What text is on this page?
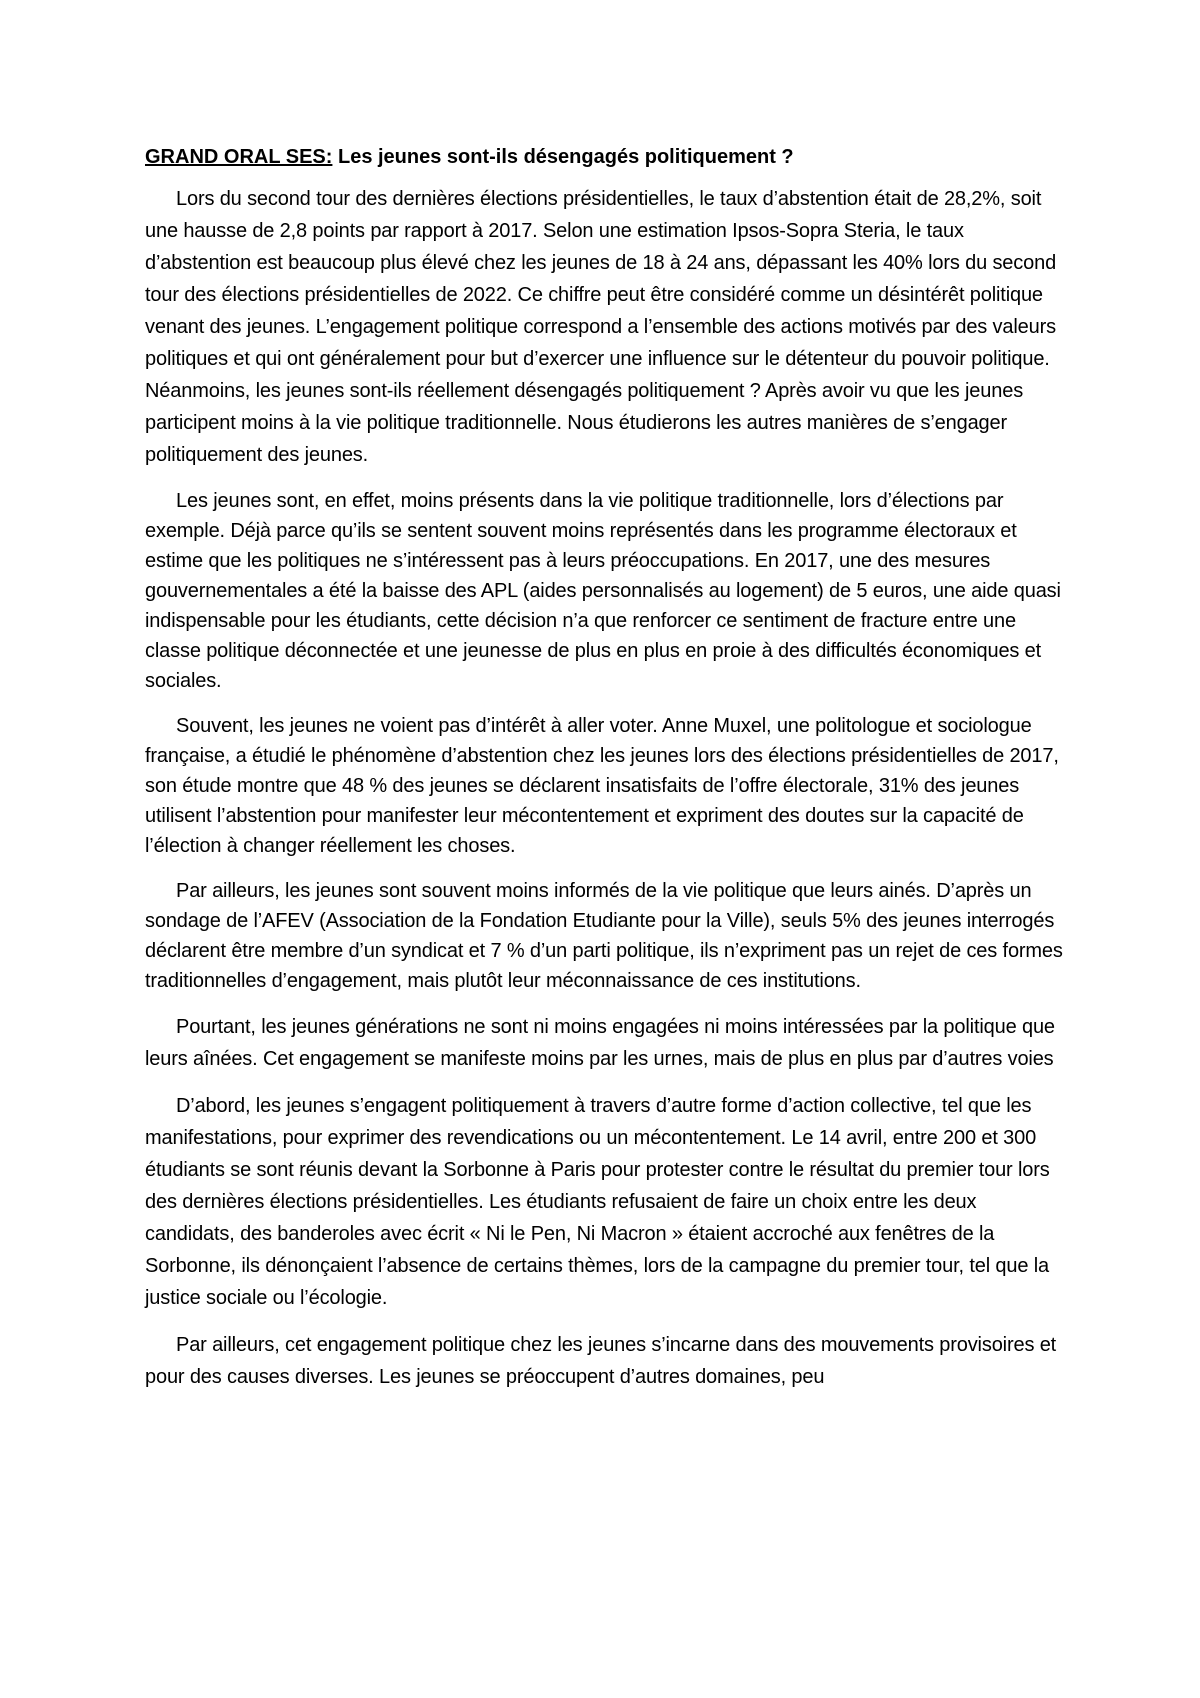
GRAND ORAL SES: Les jeunes sont-ils désengagés politiquement ?

Lors du second tour des dernières élections présidentielles, le taux d’abstention était de 28,2%, soit une hausse de 2,8 points par rapport à 2017. Selon une estimation Ipsos-Sopra Steria, le taux d’abstention est beaucoup plus élevé chez les jeunes de 18 à 24 ans, dépassant les 40% lors du second tour des élections présidentielles de 2022. Ce chiffre peut être considéré comme un désintérêt politique venant des jeunes. L’engagement politique correspond a l’ensemble des actions motivés par des valeurs politiques et qui ont généralement pour but d’exercer une influence sur le détenteur du pouvoir politique. Néanmoins, les jeunes sont-ils réellement désengagés politiquement ? Après avoir vu que les jeunes participent moins à la vie politique traditionnelle. Nous étudierons les autres manières de s’engager politiquement des jeunes.

Les jeunes sont, en effet, moins présents dans la vie politique traditionnelle, lors d’élections par exemple. Déjà parce qu’ils se sentent souvent moins représentés dans les programme électoraux et estime que les politiques ne s’intéressent pas à leurs préoccupations. En 2017, une des mesures gouvernementales a été la baisse des APL (aides personnalisés au logement) de 5 euros, une aide quasi indispensable pour les étudiants, cette décision n’a que renforcer ce sentiment de fracture entre une classe politique déconnectée et une jeunesse de plus en plus en proie à des difficultés économiques et sociales.

Souvent, les jeunes ne voient pas d’intérêt à aller voter. Anne Muxel, une politologue et sociologue française, a étudié le phénomène d’abstention chez les jeunes lors des élections présidentielles de 2017, son étude montre que 48 % des jeunes se déclarent insatisfaits de l’offre électorale, 31% des jeunes utilisent l’abstention pour manifester leur mécontentement et expriment des doutes sur la capacité de l’élection à changer réellement les choses.

Par ailleurs, les jeunes sont souvent moins informés de la vie politique que leurs ainés. D’après un sondage de l’AFEV (Association de la Fondation Etudiante pour la Ville), seuls 5% des jeunes interrogés déclarent être membre d’un syndicat et 7 % d’un parti politique, ils n’expriment pas un rejet de ces formes traditionnelles d’engagement, mais plutôt leur méconnaissance de ces institutions.

Pourtant, les jeunes générations ne sont ni moins engagées ni moins intéressées par la politique que leurs aînées. Cet engagement se manifeste moins par les urnes, mais de plus en plus par d’autres voies

D’abord, les jeunes s’engagent politiquement à travers d’autre forme d’action collective, tel que les manifestations, pour exprimer des revendications ou un mécontentement. Le 14 avril, entre 200 et 300 étudiants se sont réunis devant la Sorbonne à Paris pour protester contre le résultat du premier tour lors des dernières élections présidentielles. Les étudiants refusaient de faire un choix entre les deux candidats, des banderoles avec écrit « Ni le Pen, Ni Macron » étaient accroché aux fenêtres de la Sorbonne, ils dénonçaient l’absence de certains thèmes, lors de la campagne du premier tour, tel que la justice sociale ou l’écologie.

Par ailleurs, cet engagement politique chez les jeunes s’incarne dans des mouvements provisoires et pour des causes diverses. Les jeunes se préoccupent d’autres domaines, peu
